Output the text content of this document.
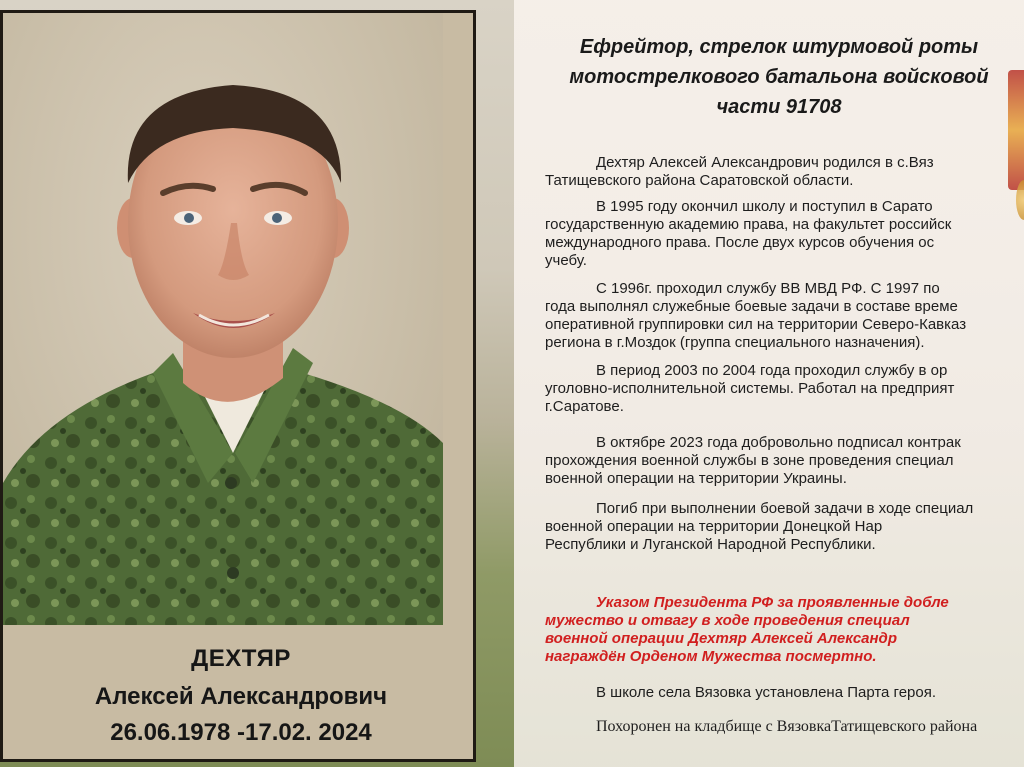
ДЕХТЯР
Алексей Александрович
26.06.1978 -17.02. 2024
Ефрейтор, стрелок штурмовой роты
мотострелкового батальона войсковой
части 91708
Дехтяр Алексей Александрович родился в с.Вяз
Татищевского района Саратовской области.
В 1995 году окончил школу и поступил в Сарато
государственную академию права, на факультет российск
международного права. После двух курсов обучения ос
учебу.
С 1996г. проходил службу ВВ МВД РФ. С 1997 по
года выполнял служебные боевые задачи в составе време
оперативной группировки сил на территории Северо-Кавказ
региона в г.Моздок (группа специального назначения).
В период 2003 по 2004 года проходил службу в ор
уголовно-исполнительной системы. Работал на предприят
г.Саратове.
В октябре 2023 года добровольно подписал контрак
прохождения военной службы в зоне проведения специал
военной операции на территории Украины.
Погиб при выполнении боевой задачи в ходе специал
военной операции на территории Донецкой Нар
Республики и Луганской Народной Республики.
Указом Президента РФ за проявленные добле
мужество и отвагу в ходе проведения специал
военной операции Дехтяр Алексей Александр
награждён Орденом Мужества посмертно.
В школе села Вязовка установлена Парта героя.
Похоронен на кладбище с ВязовкаТатищевского района
